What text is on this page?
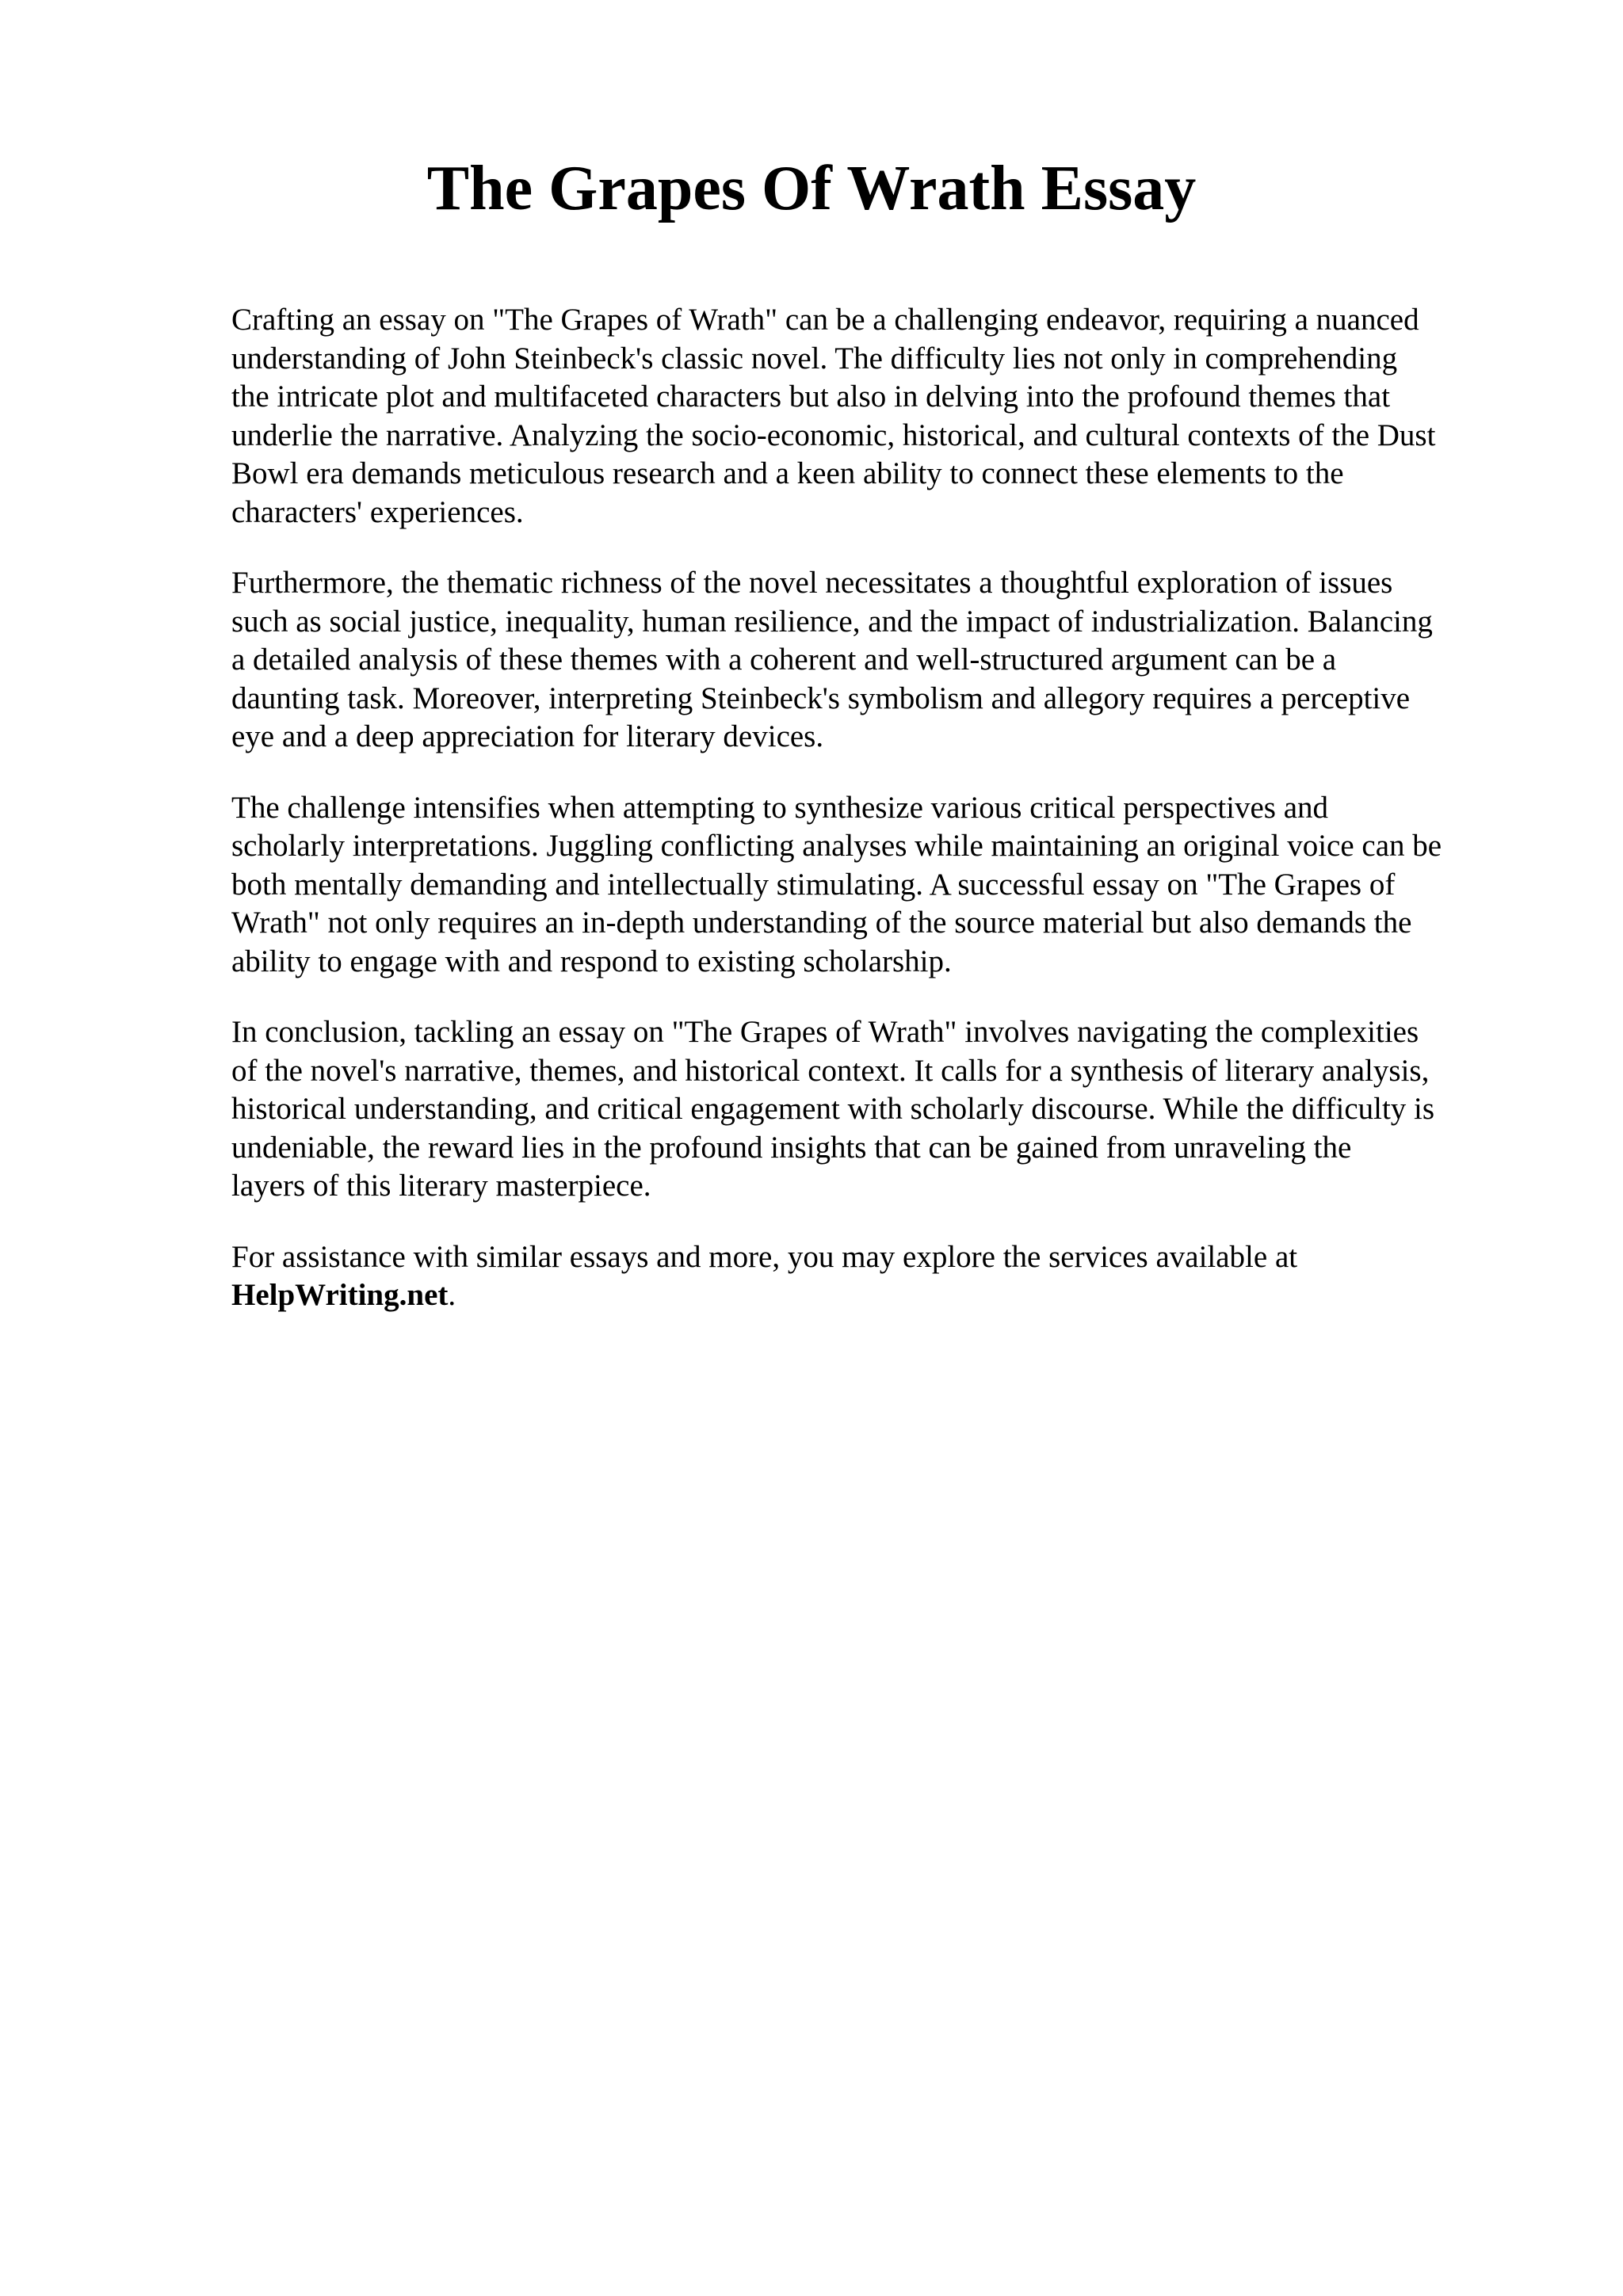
The Grapes Of Wrath Essay

Crafting an essay on "The Grapes of Wrath" can be a challenging endeavor, requiring a nuanced
understanding of John Steinbeck's classic novel. The difficulty lies not only in comprehending
the intricate plot and multifaceted characters but also in delving into the profound themes that
underlie the narrative. Analyzing the socio-economic, historical, and cultural contexts of the Dust
Bowl era demands meticulous research and a keen ability to connect these elements to the
characters' experiences.

Furthermore, the thematic richness of the novel necessitates a thoughtful exploration of issues
such as social justice, inequality, human resilience, and the impact of industrialization. Balancing
a detailed analysis of these themes with a coherent and well-structured argument can be a
daunting task. Moreover, interpreting Steinbeck's symbolism and allegory requires a perceptive
eye and a deep appreciation for literary devices.

The challenge intensifies when attempting to synthesize various critical perspectives and
scholarly interpretations. Juggling conflicting analyses while maintaining an original voice can be
both mentally demanding and intellectually stimulating. A successful essay on "The Grapes of
Wrath" not only requires an in-depth understanding of the source material but also demands the
ability to engage with and respond to existing scholarship.

In conclusion, tackling an essay on "The Grapes of Wrath" involves navigating the complexities
of the novel's narrative, themes, and historical context. It calls for a synthesis of literary analysis,
historical understanding, and critical engagement with scholarly discourse. While the difficulty is
undeniable, the reward lies in the profound insights that can be gained from unraveling the
layers of this literary masterpiece.

For assistance with similar essays and more, you may explore the services available at
HelpWriting.net.
